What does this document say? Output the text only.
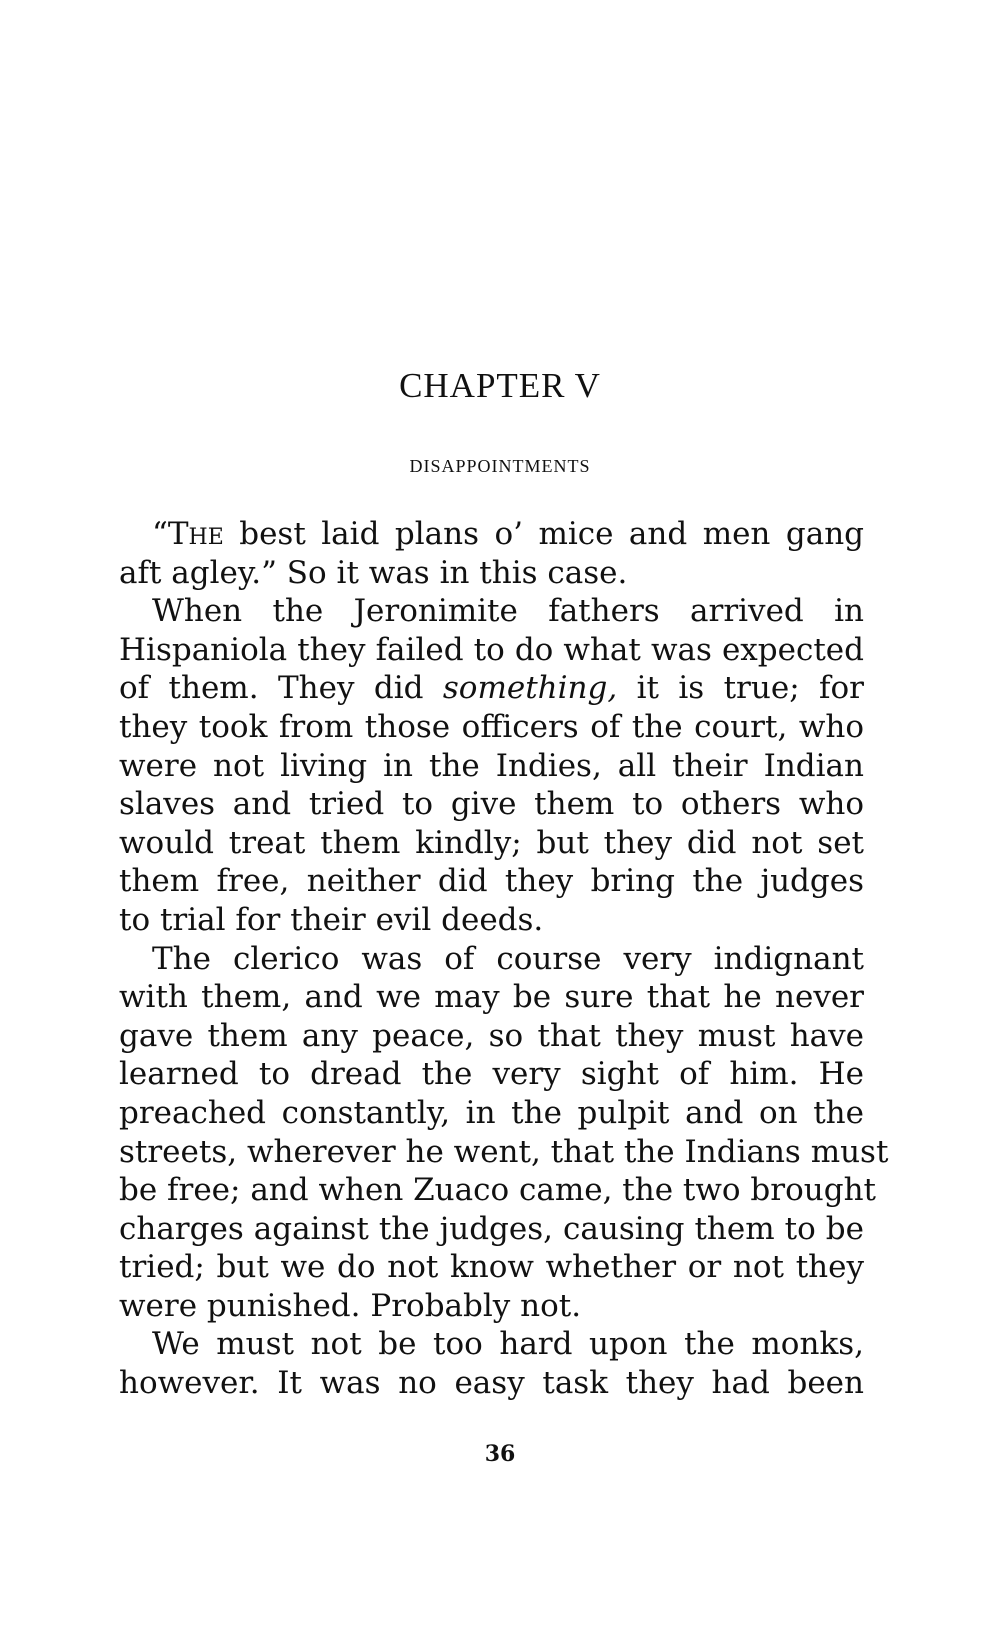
CHAPTER V
DISAPPOINTMENTS
“The best laid plans o’ mice and men gang
aft agley.” So it was in this case.
When the Jeronimite fathers arrived in
Hispaniola they failed to do what was expected
of them. They did something, it is true; for
they took from those officers of the court, who
were not living in the Indies, all their Indian
slaves and tried to give them to others who
would treat them kindly; but they did not set
them free, neither did they bring the judges
to trial for their evil deeds.
The clerico was of course very indignant
with them, and we may be sure that he never
gave them any peace, so that they must have
learned to dread the very sight of him. He
preached constantly, in the pulpit and on the
streets, wherever he went, that the Indians must
be free; and when Zuaco came, the two brought
charges against the judges, causing them to be
tried; but we do not know whether or not they
were punished. Probably not.
We must not be too hard upon the monks,
however. It was no easy task they had been
36
